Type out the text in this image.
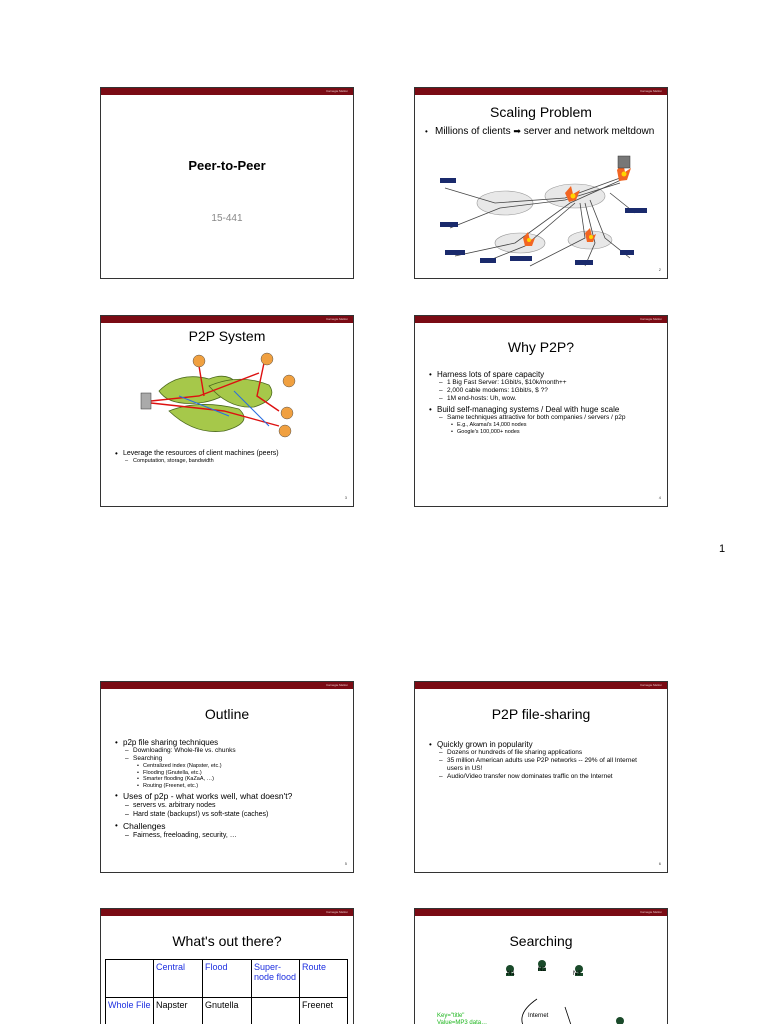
Carnegie Mellon
Peer-to-Peer
15-441
Carnegie Mellon
Scaling Problem
• Millions of clients ➡ server and network meltdown
2
Carnegie Mellon
P2P System
• Leverage the resources of client machines (peers)
– Computation, storage, bandwidth
3
Carnegie Mellon
Why P2P?
• Harness lots of spare capacity
– 1 Big Fast Server: 1Gbit/s, $10k/month++
– 2,000 cable modems: 1Gbit/s, $ ??
– 1M end-hosts: Uh, wow.
• Build self-managing systems / Deal with huge scale
– Same techniques attractive for both companies / servers / p2p
• E.g., Akamai's 14,000 nodes
• Google's 100,000+ nodes
4
1
Carnegie Mellon
Outline
• p2p file sharing techniques
– Downloading: Whole-file vs. chunks
– Searching
• Centralized index (Napster, etc.)
• Flooding (Gnutella, etc.)
• Smarter flooding (KaZaA, …)
• Routing (Freenet, etc.)
• Uses of p2p - what works well, what doesn't?
– servers vs. arbitrary nodes
– Hard state (backups!) vs soft-state (caches)
• Challenges
– Fairness, freeloading, security, …
5
Carnegie Mellon
P2P file-sharing
• Quickly grown in popularity
– Dozens or hundreds of file sharing applications
– 35 million American adults use P2P networks -- 29% of all Internet users in US!
– Audio/Video transfer now dominates traffic on the Internet
6
Carnegie Mellon
What's out there?
	Central	Flood	Super-node flood	Route
Whole File	Napster	Gnutella		Freenet
Carnegie Mellon
Searching
N1
N2
N3
Internet
Key="title"
Value=MP3 data…
